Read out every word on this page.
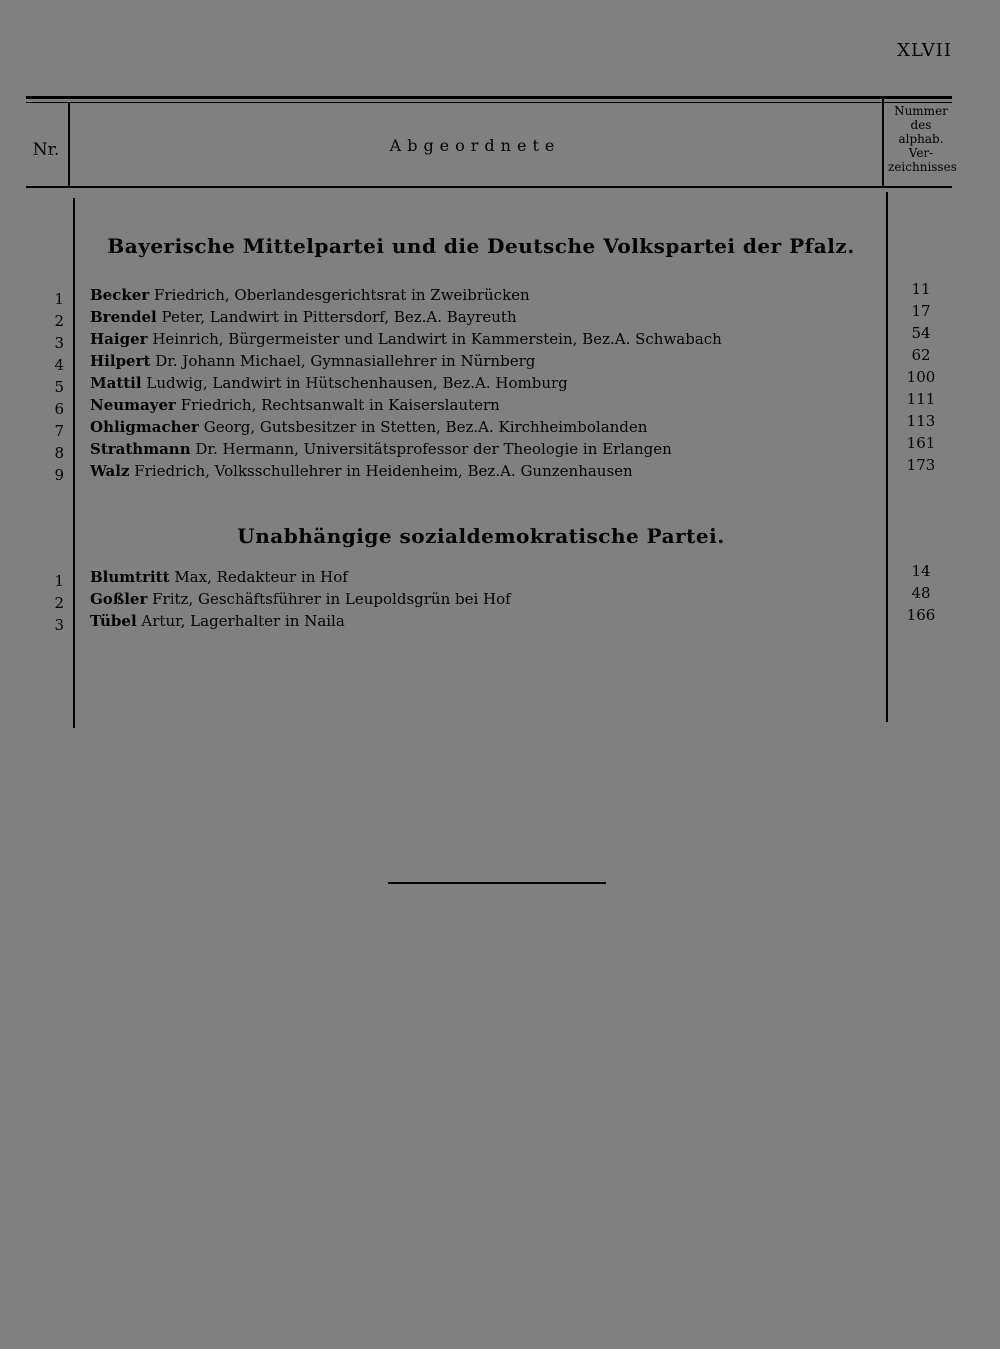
XLVII
Nr.	Abgeordnete
Nummer
des
alphab.
Ver-
zeichnisses
Bayerische Mittelpartei und die Deutsche Volkspartei der Pfalz.
1 Becker Friedrich, Oberlandesgerichtsrat in Zweibrücken	11
2 Brendel Peter, Landwirt in Pittersdorf, Bez.A. Bayreuth	17
3 Haiger Heinrich, Bürgermeister und Landwirt in Kammerstein, Bez.A. Schwabach	54
4 Hilpert Dr. Johann Michael, Gymnasiallehrer in Nürnberg	62
5 Mattil Ludwig, Landwirt in Hütschenhausen, Bez.A. Homburg	100
6 Neumayer Friedrich, Rechtsanwalt in Kaiserslautern	111
7 Ohligmacher Georg, Gutsbesitzer in Stetten, Bez.A. Kirchheimbolanden	113
8 Strathmann Dr. Hermann, Universitätsprofessor der Theologie in Erlangen	161
9 Walz Friedrich, Volksschullehrer in Heidenheim, Bez.A. Gunzenhausen	173
Unabhängige sozialdemokratische Partei.
1 Blumtritt Max, Redakteur in Hof	14
2 Goßler Fritz, Geschäftsführer in Leupoldsgrün bei Hof	48
3 Tübel Artur, Lagerhalter in Naila	166
